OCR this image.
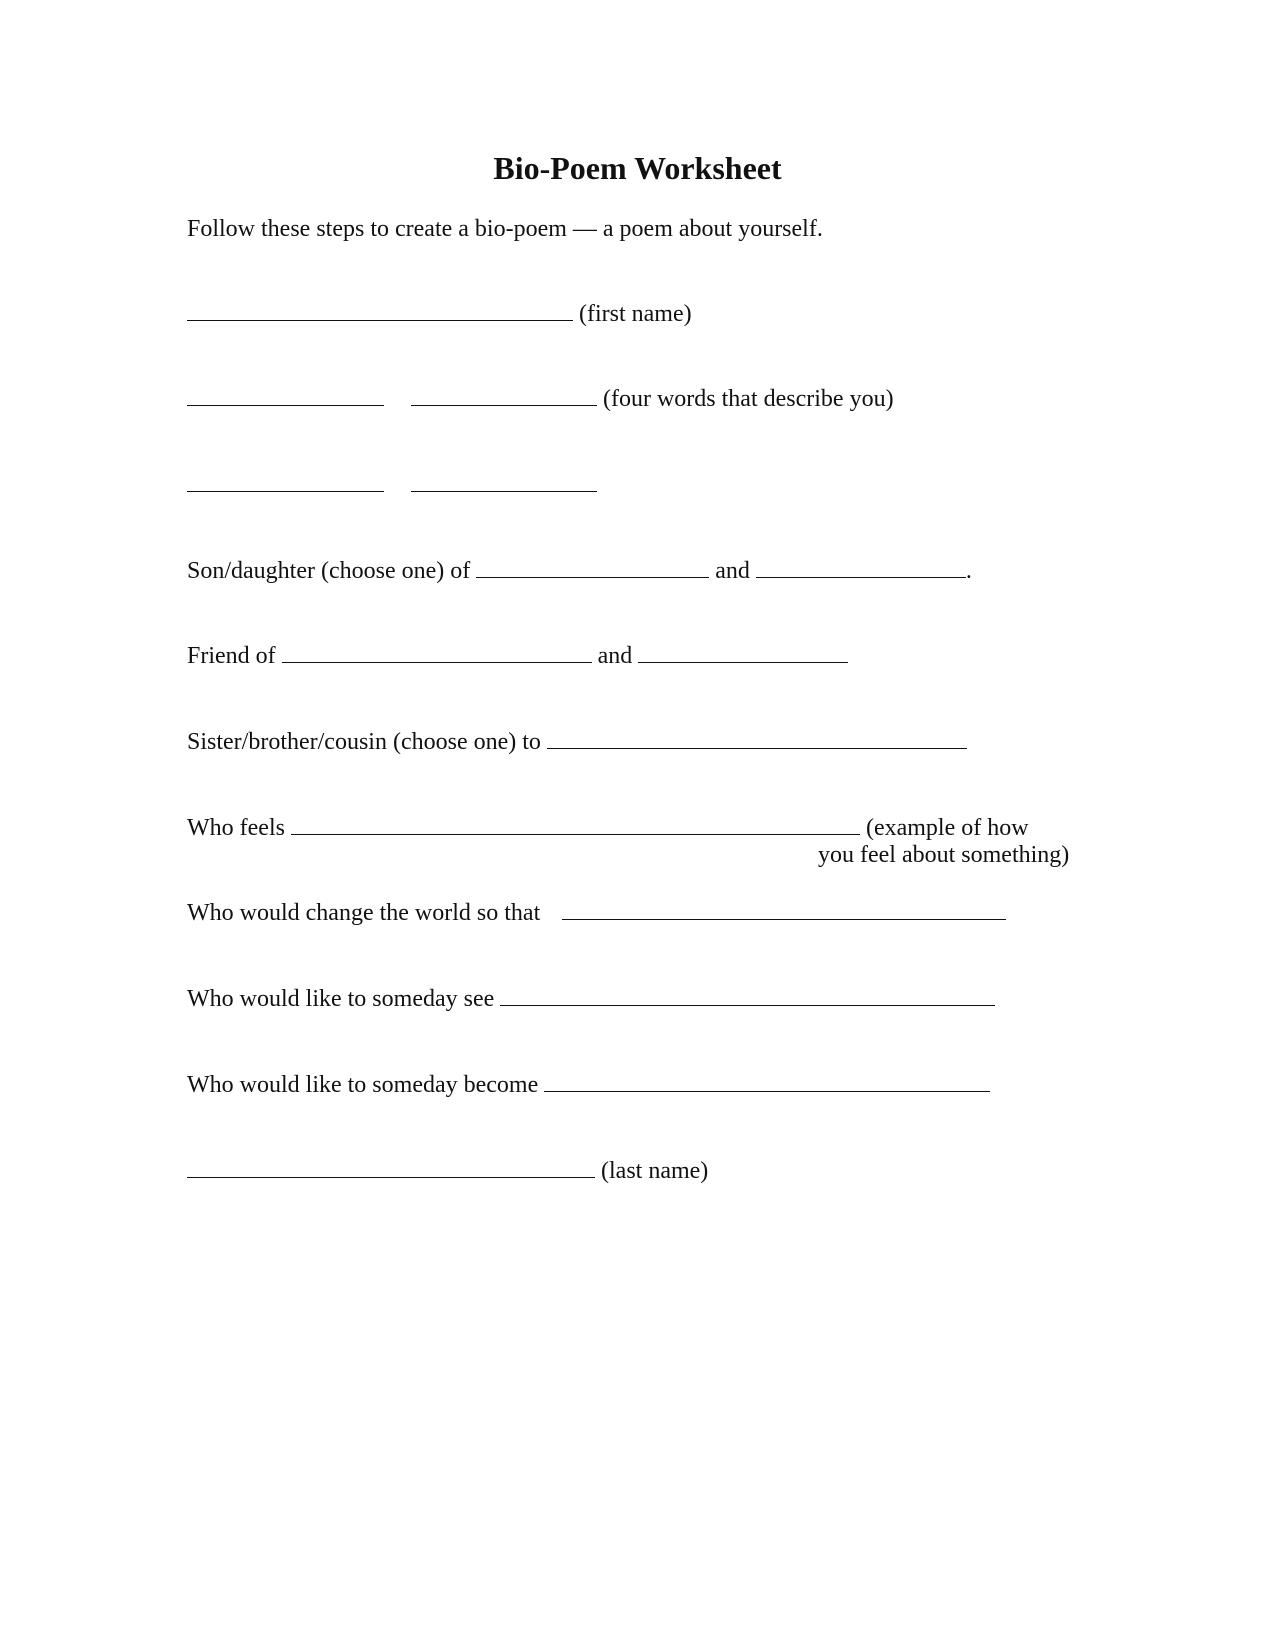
Bio-Poem Worksheet
Follow these steps to create a bio-poem — a poem about yourself.
(first name)
(four words that describe you)
Son/daughter (choose one) of	and	.
Friend of	and
Sister/brother/cousin (choose one) to
Who feels	(example of how
you feel about something)
Who would change the world so that
Who would like to someday see
Who would like to someday become
(last name)
